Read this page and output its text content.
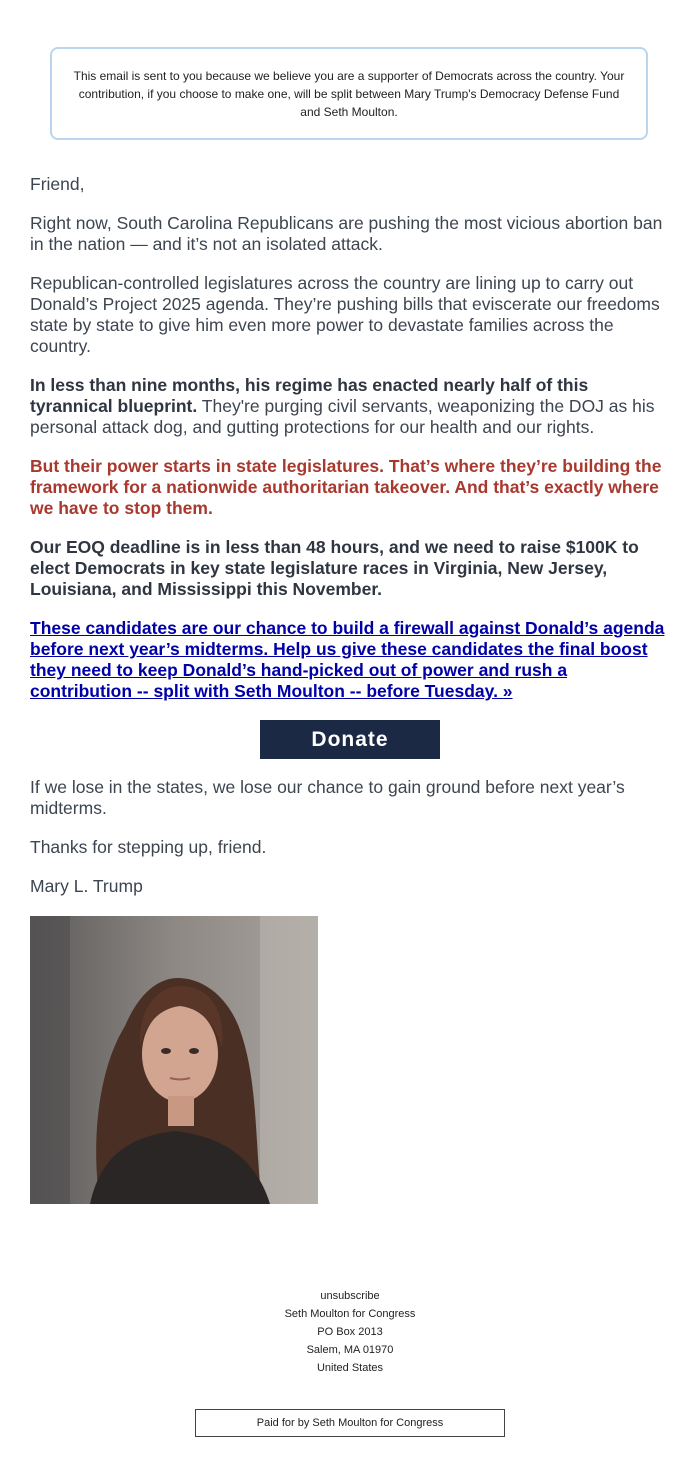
This email is sent to you because we believe you are a supporter of Democrats across the country. Your contribution, if you choose to make one, will be split between Mary Trump's Democracy Defense Fund and Seth Moulton.

Friend,

Right now, South Carolina Republicans are pushing the most vicious abortion ban in the nation — and it’s not an isolated attack.

Republican-controlled legislatures across the country are lining up to carry out Donald’s Project 2025 agenda. They’re pushing bills that eviscerate our freedoms state by state to give him even more power to devastate families across the country.

In less than nine months, his regime has enacted nearly half of this tyrannical blueprint. They're purging civil servants, weaponizing the DOJ as his personal attack dog, and gutting protections for our health and our rights.

But their power starts in state legislatures. That’s where they’re building the framework for a nationwide authoritarian takeover. And that’s exactly where we have to stop them.

Our EOQ deadline is in less than 48 hours, and we need to raise $100K to elect Democrats in key state legislature races in Virginia, New Jersey, Louisiana, and Mississippi this November.

These candidates are our chance to build a firewall against Donald’s agenda before next year’s midterms. Help us give these candidates the final boost they need to keep Donald’s hand-picked out of power and rush a contribution -- split with Seth Moulton -- before Tuesday. »

Donate

If we lose in the states, we lose our chance to gain ground before next year’s midterms.

Thanks for stepping up, friend.

Mary L. Trump

unsubscribe
Seth Moulton for Congress
PO Box 2013
Salem, MA 01970
United States
Paid for by Seth Moulton for Congress
